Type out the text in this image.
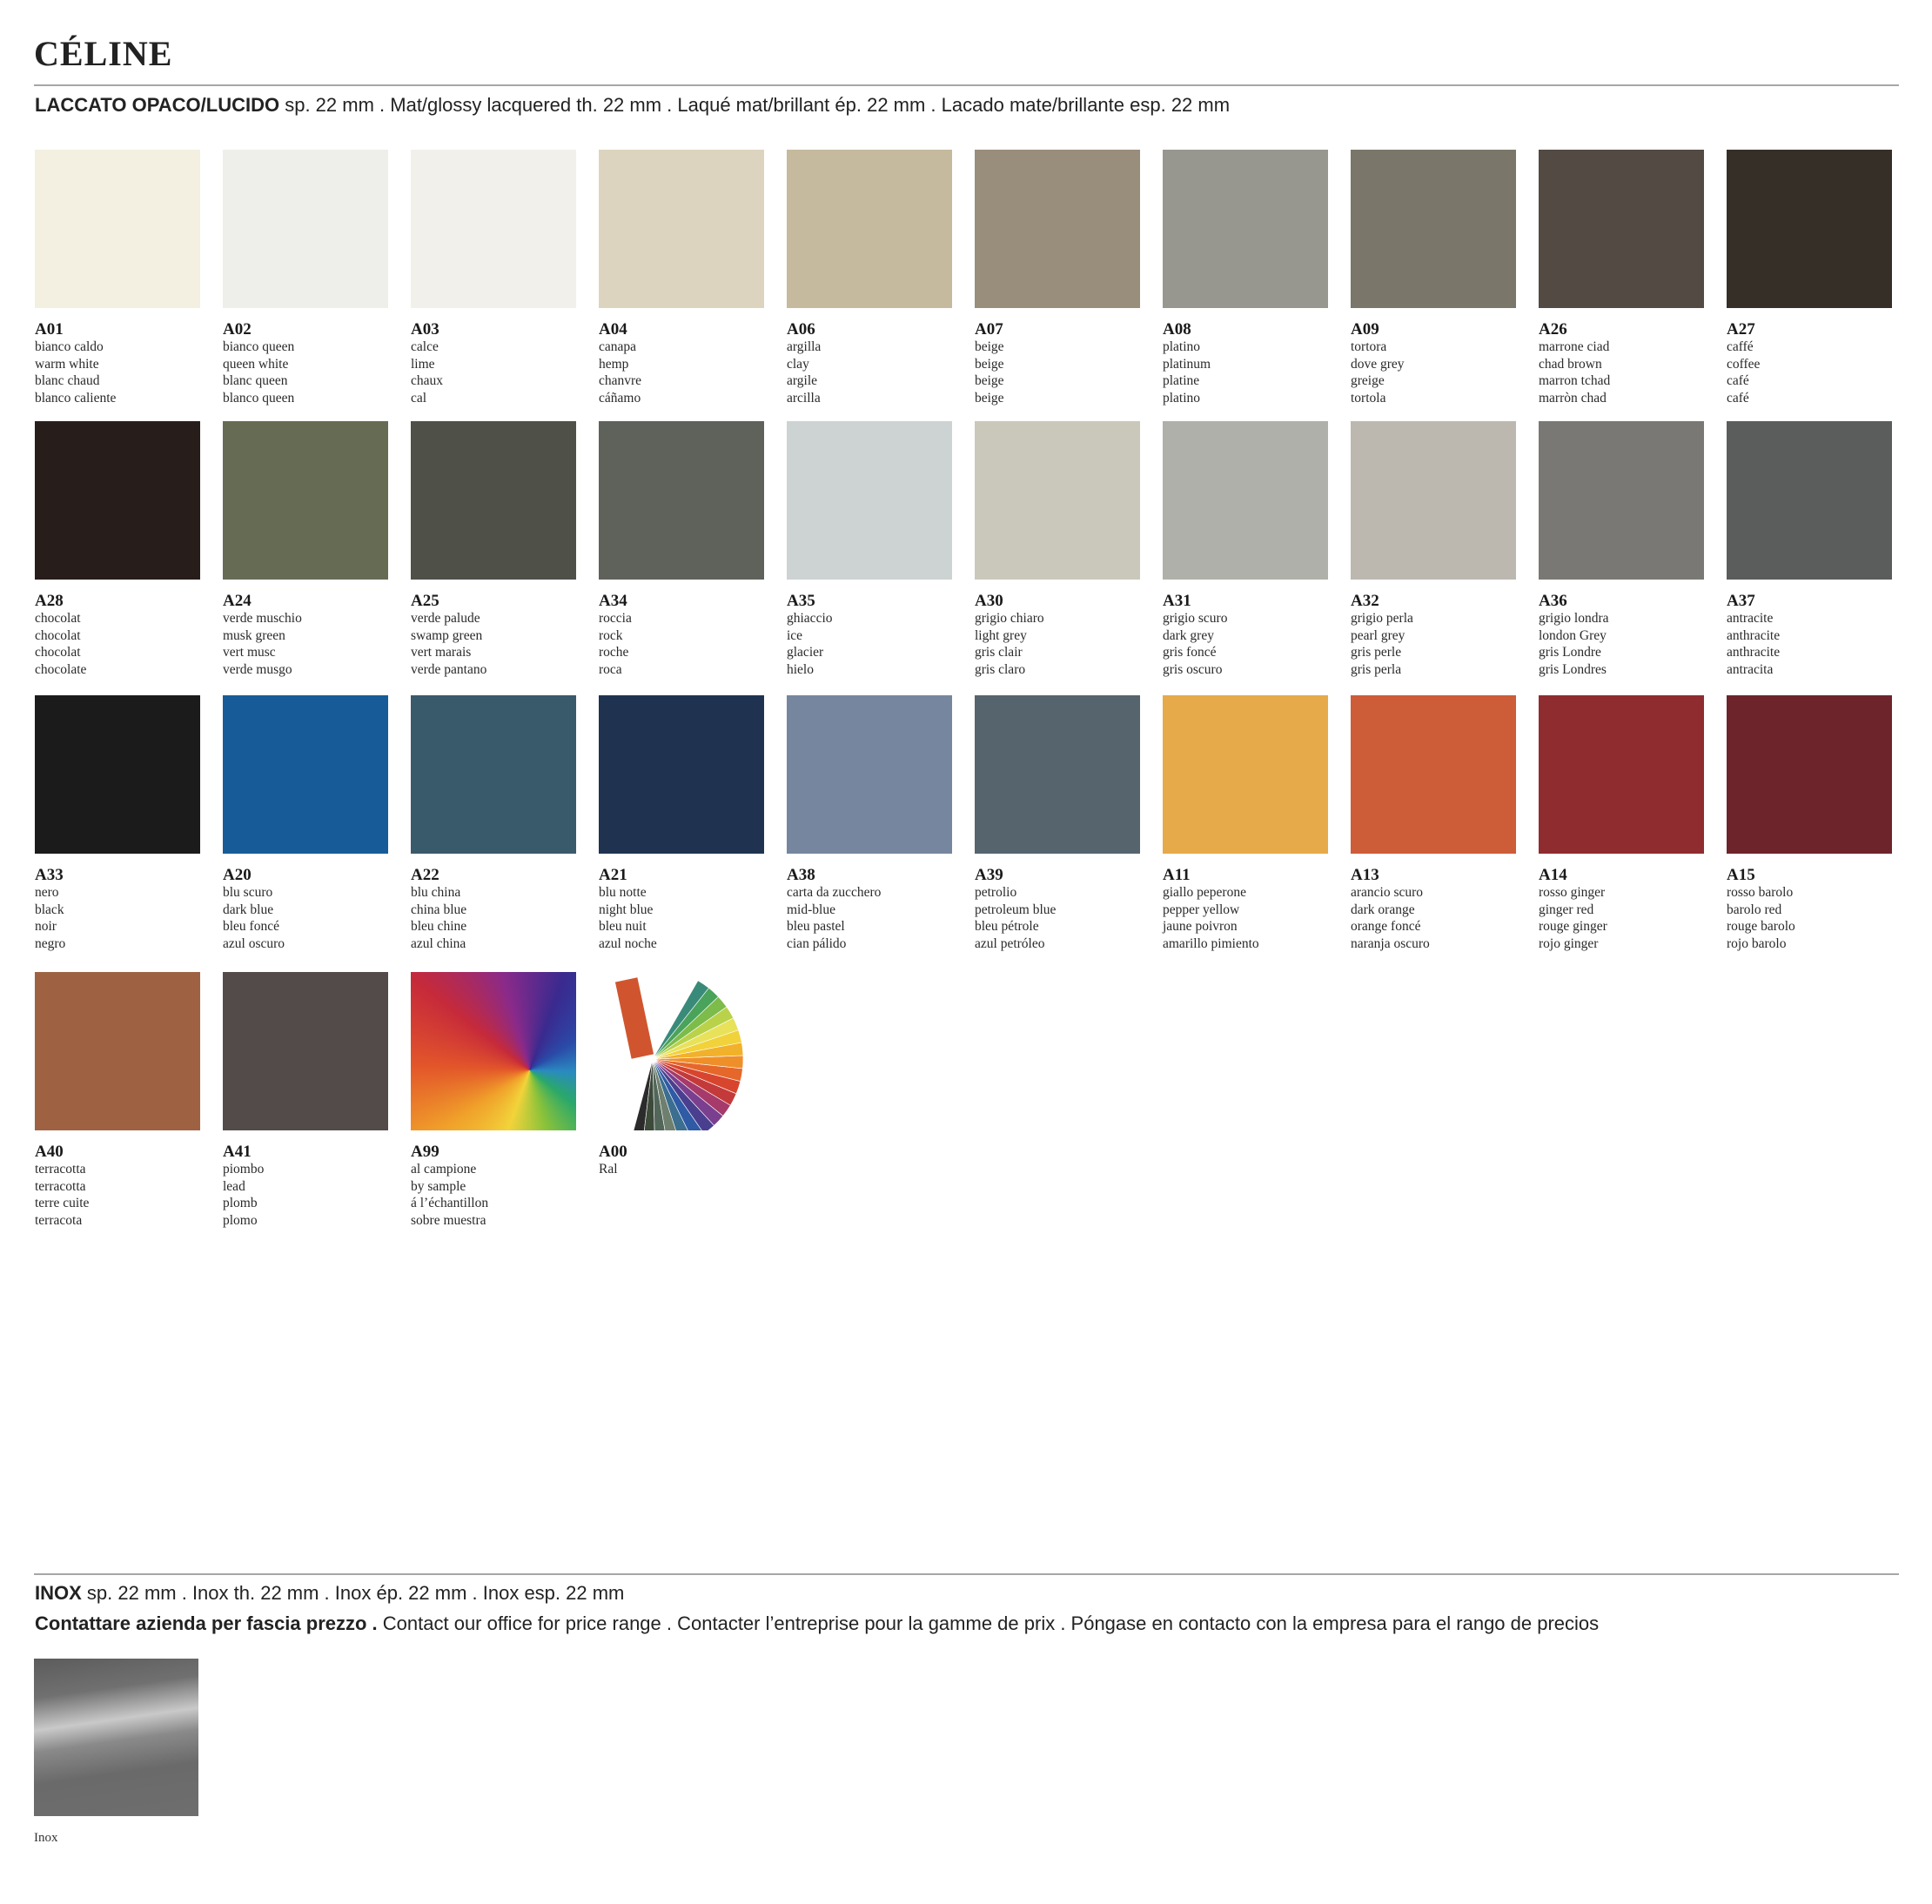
CÉLINE
LACCATO OPACO/LUCIDO sp. 22 mm . Mat/glossy lacquered th. 22 mm . Laqué mat/brillant ép. 22 mm . Lacado mate/brillante esp. 22 mm
A01
bianco caldo
warm white
blanc chaud
blanco caliente
A02
bianco queen
queen white
blanc queen
blanco queen
A03
calce
lime
chaux
cal
A04
canapa
hemp
chanvre
cáñamo
A06
argilla
clay
argile
arcilla
A07
beige
beige
beige
beige
A08
platino
platinum
platine
platino
A09
tortora
dove grey
greige
tortola
A26
marrone ciad
chad brown
marron tchad
marròn chad
A27
caffé
coffee
café
café
A28
chocolat
chocolat
chocolat
chocolate
A24
verde muschio
musk green
vert musc
verde musgo
A25
verde palude
swamp green
vert marais
verde pantano
A34
roccia
rock
roche
roca
A35
ghiaccio
ice
glacier
hielo
A30
grigio chiaro
light grey
gris clair
gris claro
A31
grigio scuro
dark grey
gris foncé
gris oscuro
A32
grigio perla
pearl grey
gris perle
gris perla
A36
grigio londra
london Grey
gris Londre
gris Londres
A37
antracite
anthracite
anthracite
antracita
A33
nero
black
noir
negro
A20
blu scuro
dark blue
bleu foncé
azul oscuro
A22
blu china
china blue
bleu chine
azul china
A21
blu notte
night blue
bleu nuit
azul noche
A38
carta da zucchero
mid-blue
bleu pastel
cian pálido
A39
petrolio
petroleum blue
bleu pétrole
azul petróleo
A11
giallo peperone
pepper yellow
jaune poivron
amarillo pimiento
A13
arancio scuro
dark orange
orange foncé
naranja oscuro
A14
rosso ginger
ginger red
rouge ginger
rojo ginger
A15
rosso barolo
barolo red
rouge barolo
rojo barolo
A40
terracotta
terracotta
terre cuite
terracota
A41
piombo
lead
plomb
plomo
A99
al campione
by sample
á l’échantillon
sobre muestra
A00
Ral
INOX sp. 22 mm . Inox th. 22 mm . Inox ép. 22 mm . Inox esp. 22 mm
Contattare azienda per fascia prezzo . Contact our office for price range . Contacter l’entreprise pour la gamme de prix . Póngase en contacto con la empresa para el rango de precios
Inox
